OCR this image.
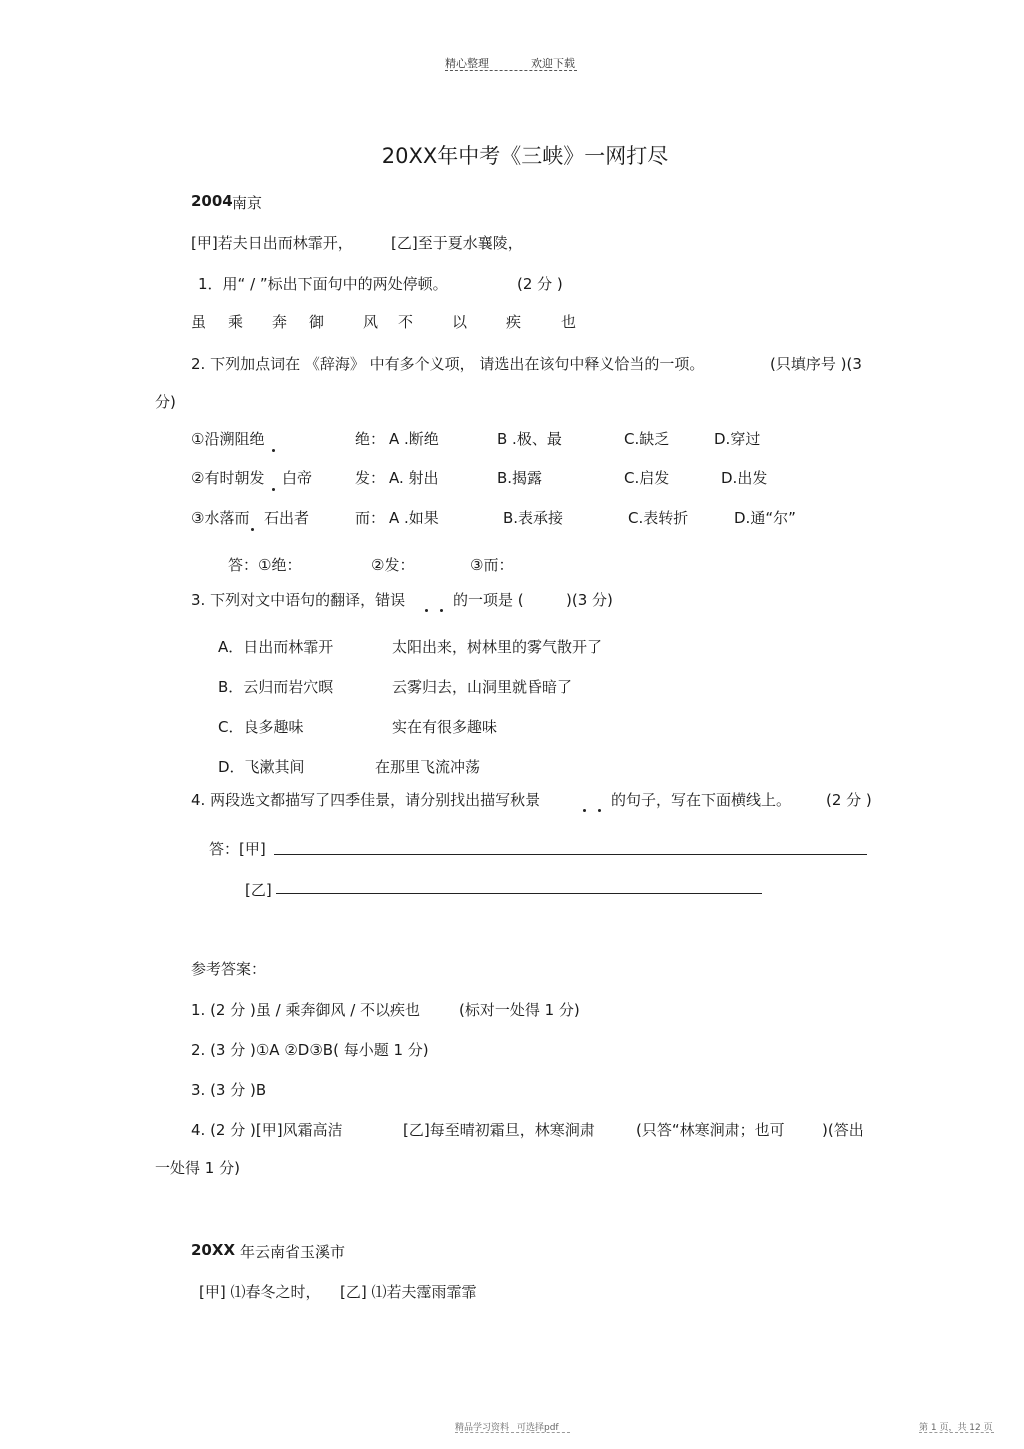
精心整理	欢迎下载
20XX年中考《三峡》一网打尽
2004 南京
[甲]若夫日出而林霏开，	[乙]至于夏水襄陵，
1．用“ / ”标出下面句中的两处停顿。	(2 分 )
虽 乘 奔 御	风 不	以	疾	也
2. 下列加点词在 《辞海》 中有多个义项， 请选出在该句中释义恰当的一项。	(只填序号 )(3
分)
①沿溯阻绝	绝： A .断绝	B .极、最	C.缺乏	D.穿过
②有时朝发 白帝	发： A. 射出	B.揭露	C.启发	D.出发
③水落而 石出者	而： A .如果	B.表承接	C.表转折	D.通“尔”
答：①绝：	②发：	③而：
3. 下列对文中语句的翻译，错误	的一项是 (	)(3 分)
A．日出而林霏开	太阳出来，树林里的雾气散开了
B．云归而岩穴暝	云雾归去，山洞里就昏暗了
C．良多趣味	实在有很多趣味
D．飞漱其间	在那里飞流冲荡
4. 两段选文都描写了四季佳景，请分别找出描写秋景	的句子，写在下面横线上。 (2 分 )
答：[甲]
[乙]
参考答案：
1. (2 分 )虽 / 乘奔御风 / 不以疾也	(标对一处得 1 分)
2. (3 分 )①A ②D③B( 每小题 1 分)
3. (3 分 )B
4. (2 分 )[甲]风霜高洁	[乙]每至晴初霜旦，林寒涧肃	(只答“林寒涧肃；也可 )(答出
一处得 1 分)
20XX 年云南省玉溪市
[甲] ⑴春冬之时， [乙] ⑴若夫霪雨霏霏
精品学习资料 可选择pdf	第 1 页，共 12 页
